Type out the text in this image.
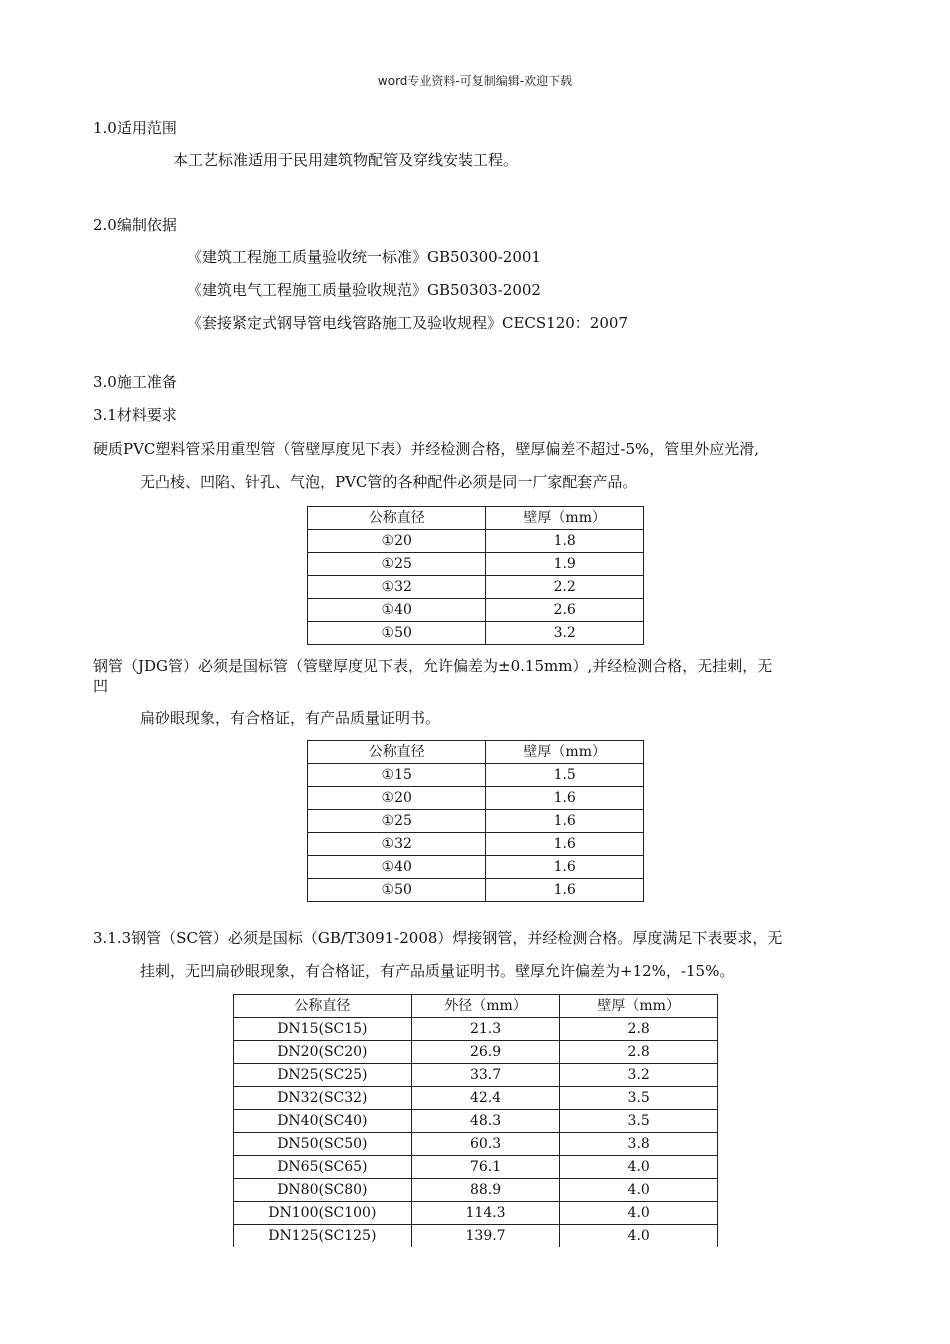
word专业资料-可复制编辑-欢迎下载
1.0适用范围
本工艺标准适用于民用建筑物配管及穿线安装工程。
2.0编制依据
《建筑工程施工质量验收统一标准》GB50300-2001
《建筑电气工程施工质量验收规范》GB50303-2002
《套接紧定式钢导管电线管路施工及验收规程》CECS120：2007
3.0施工准备
3.1材料要求
硬质PVC塑料管采用重型管（管壁厚度见下表）并经检测合格，壁厚偏差不超过-5%，管里外应光滑,
无凸棱、凹陷、针孔、气泡，PVC管的各种配件必须是同一厂家配套产品。
公称直径	壁厚（mm）
①20	1.8
①25	1.9
①32	2.2
①40	2.6
①50	3.2
钢管（JDG管）必须是国标管（管壁厚度见下表，允许偏差为±0.15mm）,并经检测合格，无挂刺，无
凹
扁砂眼现象，有合格证，有产品质量证明书。
公称直径	壁厚（mm）
①15	1.5
①20	1.6
①25	1.6
①32	1.6
①40	1.6
①50	1.6
3.1.3钢管（SC管）必须是国标（GB/T3091-2008）焊接钢管，并经检测合格。厚度满足下表要求，无
挂刺，无凹扁砂眼现象，有合格证，有产品质量证明书。壁厚允许偏差为+12%，-15%。
公称直径	外径（mm）	壁厚（mm）
DN15(SC15)	21.3	2.8
DN20(SC20)	26.9	2.8
DN25(SC25)	33.7	3.2
DN32(SC32)	42.4	3.5
DN40(SC40)	48.3	3.5
DN50(SC50)	60.3	3.8
DN65(SC65)	76.1	4.0
DN80(SC80)	88.9	4.0
DN100(SC100)	114.3	4.0
DN125(SC125)	139.7	4.0
